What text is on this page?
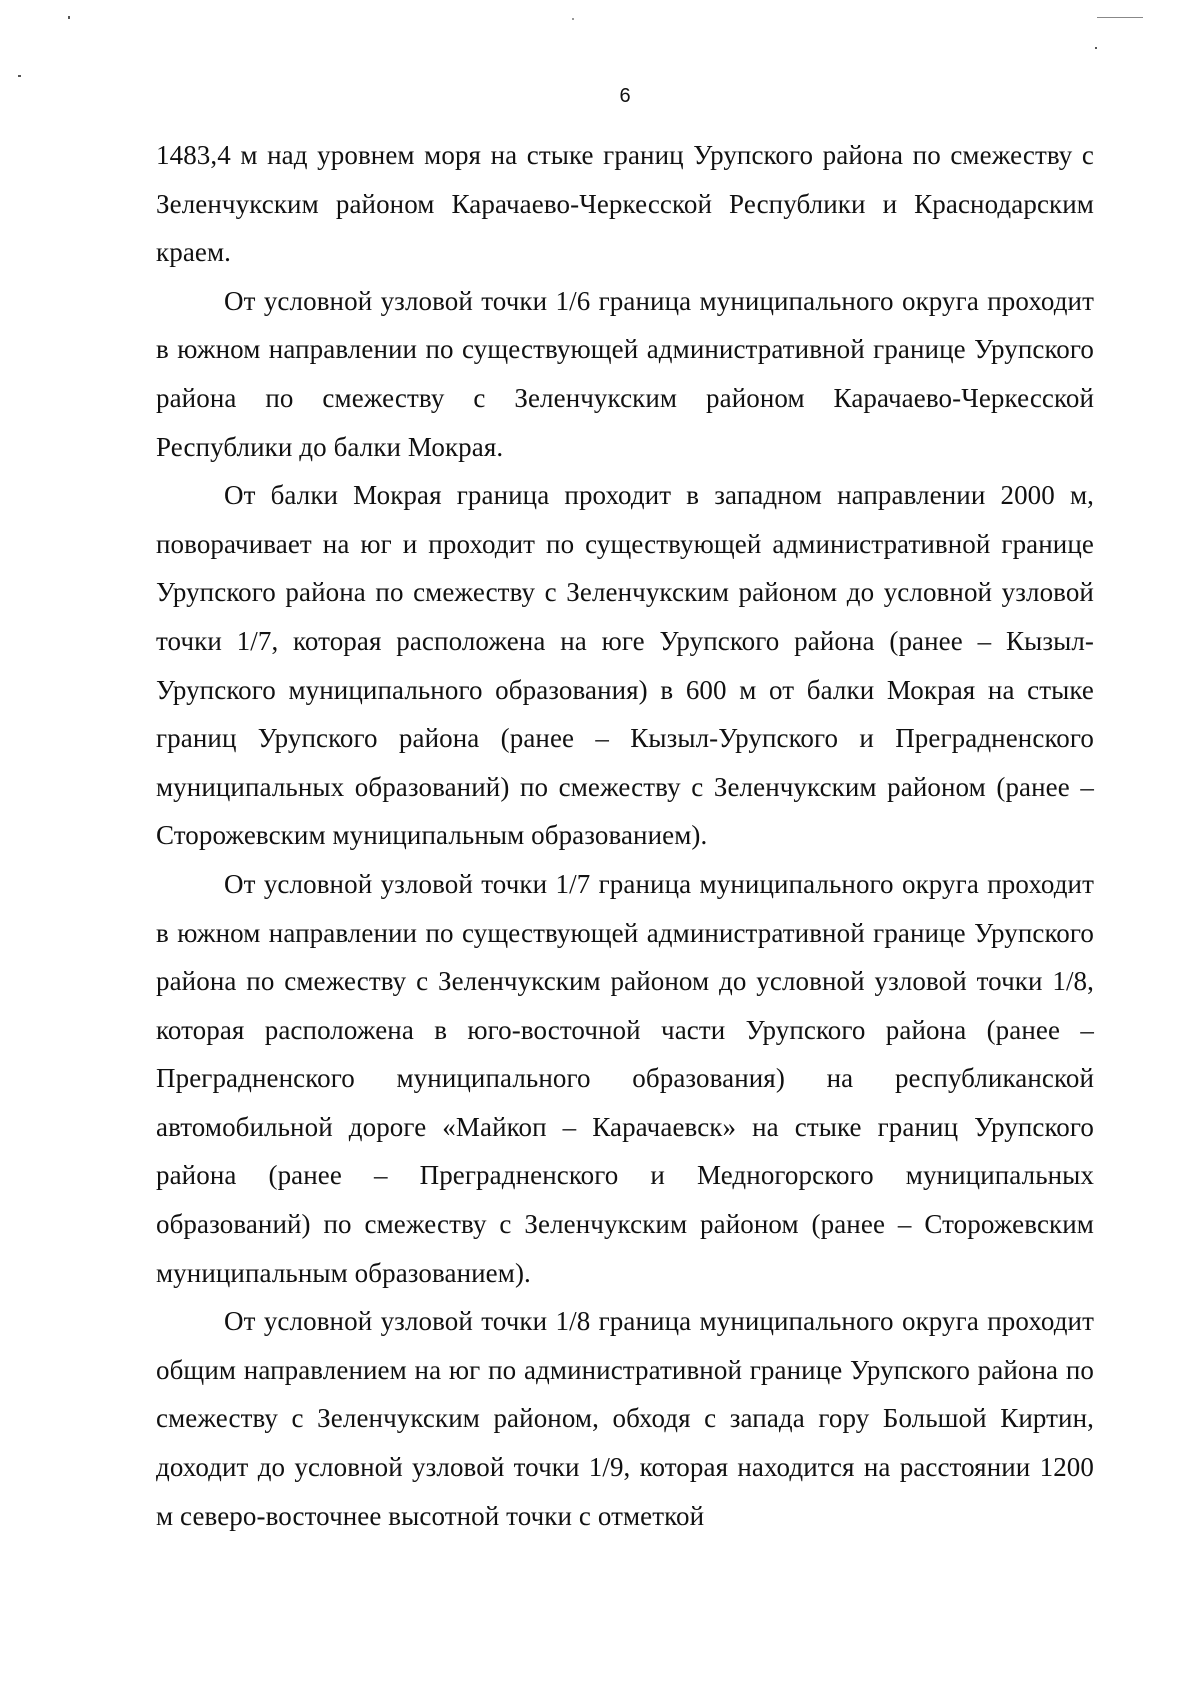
6

1483,4 м над уровнем моря на стыке границ Урупского района по смежеству с Зеленчукским районом Карачаево-Черкесской Республики и Краснодарским краем.

От условной узловой точки 1/6 граница муниципального округа проходит в южном направлении по существующей административной границе Урупского района по смежеству с Зеленчукским районом Карачаево-Черкесской Республики до балки Мокрая.

От балки Мокрая граница проходит в западном направлении 2000 м, поворачивает на юг и проходит по существующей административной границе Урупского района по смежеству с Зеленчукским районом до условной узловой точки 1/7, которая расположена на юге Урупского района (ранее – Кызыл-Урупского муниципального образования) в 600 м от балки Мокрая на стыке границ Урупского района (ранее – Кызыл-Урупского и Преградненского муниципальных образований) по смежеству с Зеленчукским районом (ранее – Сторожевским муниципальным образованием).

От условной узловой точки 1/7 граница муниципального округа проходит в южном направлении по существующей административной границе Урупского района по смежеству с Зеленчукским районом до условной узловой точки 1/8, которая расположена в юго-восточной части Урупского района (ранее – Преградненского муниципального образования) на республиканской автомобильной дороге «Майкоп – Карачаевск» на стыке границ Урупского района (ранее – Преградненского и Медногорского муниципальных образований) по смежеству с Зеленчукским районом (ранее – Сторожевским муниципальным образованием).

От условной узловой точки 1/8 граница муниципального округа проходит общим направлением на юг по административной границе Урупского района по смежеству с Зеленчукским районом, обходя с запада гору Большой Киртин, доходит до условной узловой точки 1/9, которая находится на расстоянии 1200 м северо-восточнее высотной точки с отметкой
